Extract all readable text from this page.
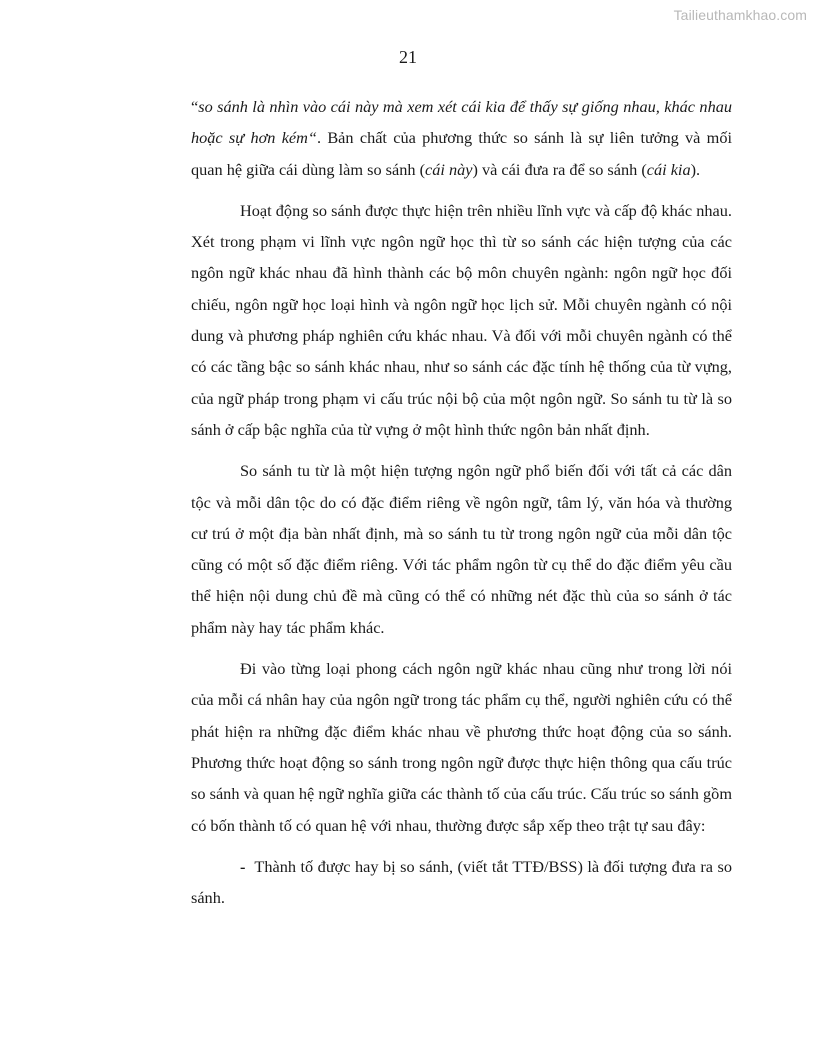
Tailieuthamkhao.com
21

“so sánh là nhìn vào cái này mà xem xét cái kia để thấy sự giống nhau, khác nhau hoặc sự hơn kém“. Bản chất của phương thức so sánh là sự liên tưởng và mối quan hệ giữa cái dùng làm so sánh (cái này) và cái đưa ra để so sánh (cái kia).

Hoạt động so sánh được thực hiện trên nhiều lĩnh vực và cấp độ khác nhau. Xét trong phạm vi lĩnh vực ngôn ngữ học thì từ so sánh các hiện tượng của các ngôn ngữ khác nhau đã hình thành các bộ môn chuyên ngành: ngôn ngữ học đối chiếu, ngôn ngữ học loại hình và ngôn ngữ học lịch sử. Mỗi chuyên ngành có nội dung và phương pháp nghiên cứu khác nhau. Và đối với mỗi chuyên ngành có thể có các tầng bậc so sánh khác nhau, như so sánh các đặc tính hệ thống của từ vựng, của ngữ pháp trong phạm vi cấu trúc nội bộ của một ngôn ngữ. So sánh tu từ là so sánh ở cấp bậc nghĩa của từ vựng ở một hình thức ngôn bản nhất định.

So sánh tu từ là một hiện tượng ngôn ngữ phổ biến đối với tất cả các dân tộc và mỗi dân tộc do có đặc điểm riêng về ngôn ngữ, tâm lý, văn hóa và thường cư trú ở một địa bàn nhất định, mà so sánh tu từ trong ngôn ngữ của mỗi dân tộc cũng có một số đặc điểm riêng. Với tác phẩm ngôn từ cụ thể do đặc điểm yêu cầu thể hiện nội dung chủ đề mà cũng có thể có những nét đặc thù của so sánh ở tác phẩm này hay tác phẩm khác.

Đi vào từng loại phong cách ngôn ngữ khác nhau cũng như trong lời nói của mỗi cá nhân hay của ngôn ngữ trong tác phẩm cụ thể, người nghiên cứu có thể phát hiện ra những đặc điểm khác nhau về phương thức hoạt động của so sánh. Phương thức hoạt động so sánh trong ngôn ngữ được thực hiện thông qua cấu trúc so sánh và quan hệ ngữ nghĩa giữa các thành tố của cấu trúc. Cấu trúc so sánh gồm có bốn thành tố có quan hệ với nhau, thường được sắp xếp theo trật tự sau đây:

- Thành tố được hay bị so sánh, (viết tắt TTĐ/BSS) là đối tượng đưa ra so sánh.
